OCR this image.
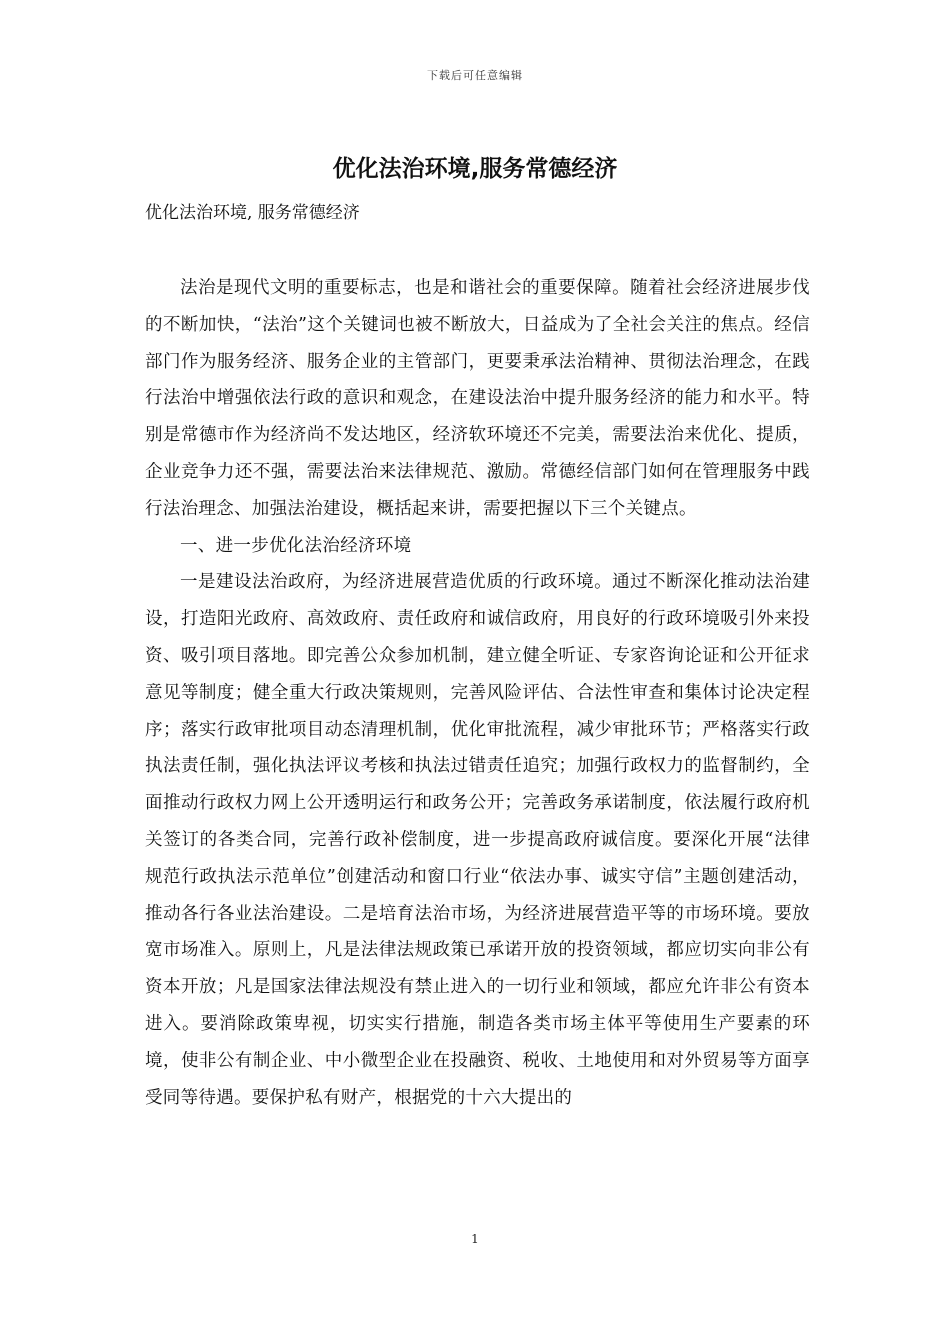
下载后可任意编辑
优化法治环境,服务常德经济
优化法治环境, 服务常德经济

法治是现代文明的重要标志，也是和谐社会的重要保障。随着社会经济进展步伐的不断加快，“法治”这个关键词也被不断放大，日益成为了全社会关注的焦点。经信部门作为服务经济、服务企业的主管部门，更要秉承法治精神、贯彻法治理念，在践行法治中增强依法行政的意识和观念，在建设法治中提升服务经济的能力和水平。特别是常德市作为经济尚不发达地区，经济软环境还不完美，需要法治来优化、提质，企业竞争力还不强，需要法治来法律规范、激励。常德经信部门如何在管理服务中践行法治理念、加强法治建设，概括起来讲，需要把握以下三个关键点。

一、进一步优化法治经济环境

一是建设法治政府，为经济进展营造优质的行政环境。通过不断深化推动法治建设，打造阳光政府、高效政府、责任政府和诚信政府，用良好的行政环境吸引外来投资、吸引项目落地。即完善公众参加机制，建立健全听证、专家咨询论证和公开征求意见等制度；健全重大行政决策规则，完善风险评估、合法性审查和集体讨论决定程序；落实行政审批项目动态清理机制，优化审批流程，减少审批环节；严格落实行政执法责任制，强化执法评议考核和执法过错责任追究；加强行政权力的监督制约，全面推动行政权力网上公开透明运行和政务公开；完善政务承诺制度，依法履行政府机关签订的各类合同，完善行政补偿制度，进一步提高政府诚信度。要深化开展“法律规范行政执法示范单位”创建活动和窗口行业“依法办事、诚实守信”主题创建活动，推动各行各业法治建设。二是培育法治市场，为经济进展营造平等的市场环境。要放宽市场准入。原则上，凡是法律法规政策已承诺开放的投资领域，都应切实向非公有资本开放；凡是国家法律法规没有禁止进入的一切行业和领域，都应允许非公有资本进入。要消除政策卑视，切实实行措施，制造各类市场主体平等使用生产要素的环境，使非公有制企业、中小微型企业在投融资、税收、土地使用和对外贸易等方面享受同等待遇。要保护私有财产，根据党的十六大提出的

1
